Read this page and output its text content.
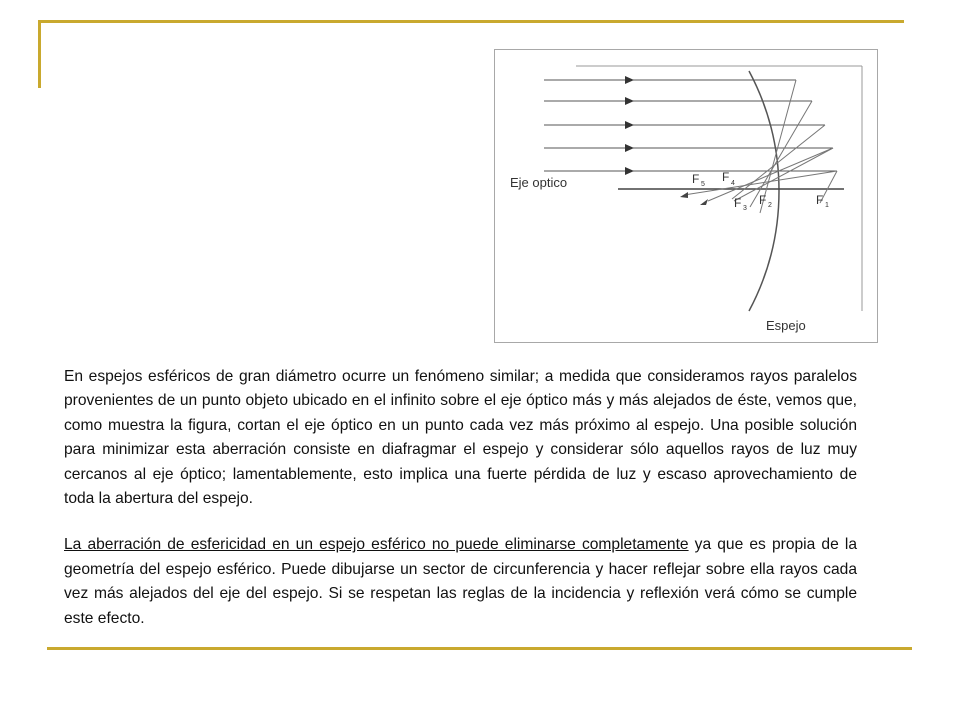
Eje optico
Espejo
F 5
F 4
F 3
F 2	F 1

En espejos esféricos de gran diámetro ocurre un fenómeno similar; a medida que consideramos rayos paralelos provenientes de un punto objeto ubicado en el infinito sobre el eje óptico más y más alejados de éste, vemos que, como muestra la figura, cortan el eje óptico en un punto cada vez más próximo al espejo. Una posible solución para minimizar esta aberración consiste en diafragmar el espejo y considerar sólo aquellos rayos de luz muy cercanos al eje óptico; lamentablemente, esto implica una fuerte pérdida de luz y escaso aprovechamiento de toda la abertura del espejo.

La aberración de esfericidad en un espejo esférico no puede eliminarse completamente ya que es propia de la geometría del espejo esférico. Puede dibujarse un sector de circunferencia y hacer reflejar sobre ella rayos cada vez más alejados del eje del espejo. Si se respetan las reglas de la incidencia y reflexión verá cómo se cumple este efecto.
